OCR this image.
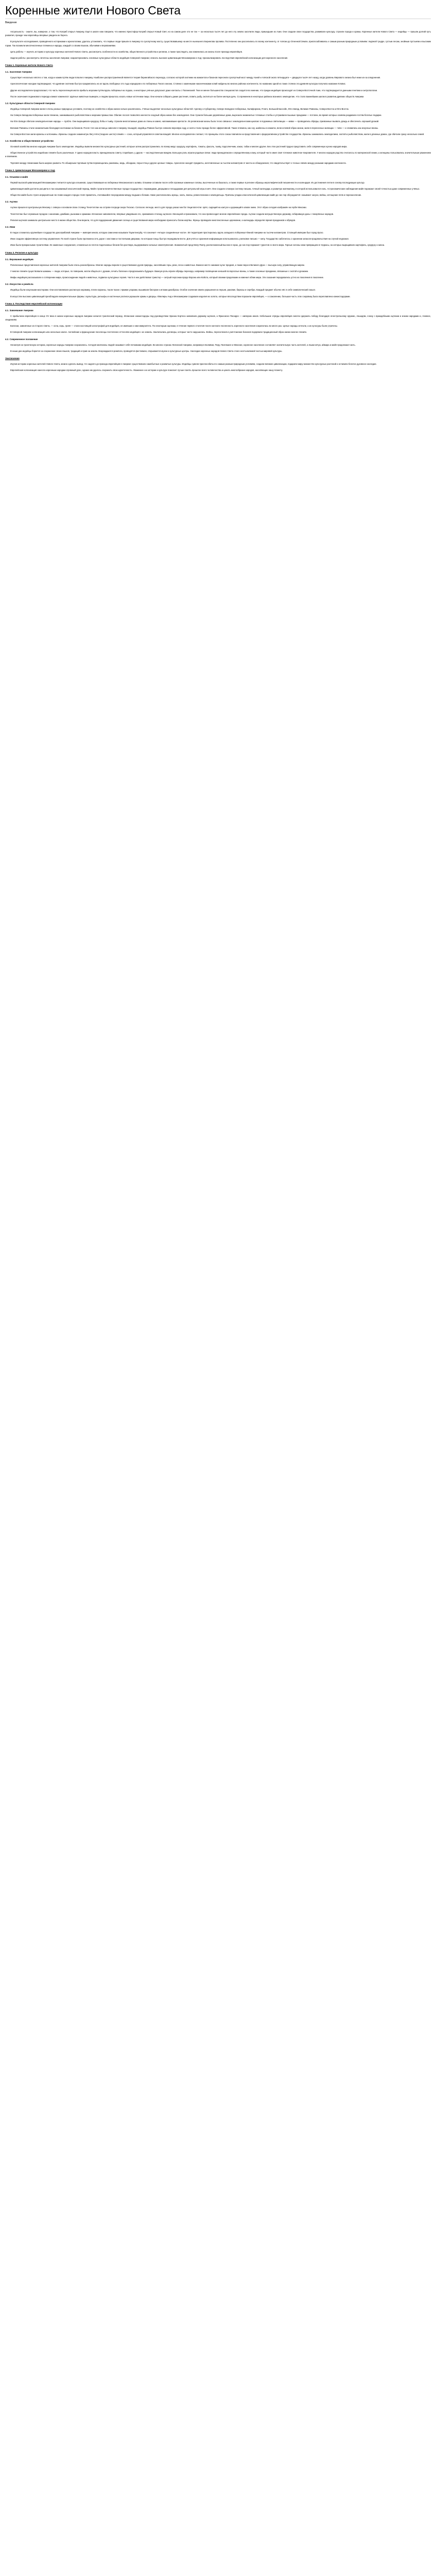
Коренные жители Нового Света
Введение

Актуальность - знаете, вы, наверное, о том, что Колумб открыл Америку. Ещё в школе нам говорили, что именно Христофор Колумб открыл Новый Свет, но на самом деле это не так — за несколько тысяч лет до него эту землю заселили люди, пришедшие из Азии. Они создали свои государства, развивали культуру, строили города и храмы. Коренные жители Нового Света — индейцы — прошли долгий путь развития, прежде чем европейцы впервые увидели их берега.

В результате исследования, проведённого историками и археологами, удалось установить, что первые люди пришли в Америку по сухопутному мосту, существовавшему на месте нынешнего Берингова пролива. Постепенно они расселились по всему континенту, от Аляски до Огненной Земли, приспосабливаясь к самым разным природным условиям: ледяной тундре, густым лесам, знойным пустыням и высоким горам. Так возникли многочисленные племена и народы, каждый со своим языком, обычаями и верованиями.

Цель работы — изучить историю и культуру коренных жителей Нового Света, рассмотреть особенности их хозяйства, общественного устройства и религии, а также проследить, как изменилась их жизнь после прихода европейцев.

Задачи работы: рассмотреть гипотезы заселения Америки; охарактеризовать основные культурные области индейцев Северной Америки; описать высокие цивилизации Мезоамерики и Анд; проанализировать последствия европейской колонизации для коренного населения.

Глава 1. Коренные жители Нового Света
1.1. Заселение Америки

Существует несколько гипотез о том, когда и каким путём люди попали в Америку. Наиболее распространённой является теория берингийского перехода, согласно которой охотники на мамонтов и бизонов пересекли сухопутный мост между Азией и Аляской около пятнадцати — двадцати тысяч лет назад, когда уровень Мирового океана был ниже из-за оледенения.

Археологические находки подтверждают, что древние охотники быстро продвигались на юг вдоль свободных ото льда коридоров и по побережью Тихого океана. Стоянки с каменными наконечниками копий найдены во многих районах континента; по названию одной из таких стоянок эта древняя культура получила название Кловис.

Другие исследователи предполагают, что часть переселенцев могла прибыть морским путём вдоль побережья на лодках, а некоторые учёные допускают даже контакты с Полинезией. Тем не менее большинство специалистов сходится во мнении, что предки индейцев происходят из Северо-Восточной Азии, что подтверждается данными генетики и антропологии.

После окончания ледникового периода климат изменился: крупные животные вымерли, и людям пришлось искать новые источники пищи. Они начали собирать дикие растения, ловить рыбу, охотиться на более мелкую дичь. Со временем в некоторых районах возникло земледелие, что стало важнейшим шагом в развитии древних обществ Америки.

1.2. Культурные области Северной Америки

Индейцы Северной Америки жили в очень разных природных условиях, поэтому их хозяйство и образ жизни сильно различались. Учёные выделяют несколько культурных областей: Арктику и Субарктику, Северо-Западное побережье, Калифорнию, Плато, Большой Бассейн, Юго-Запад, Великие Равнины, Северо-Восток и Юго-Восток.

На Северо-Западном побережье жили племена, занимавшиеся рыболовством и морским промыслом. Обилие лосося позволяло им вести оседлый образ жизни без земледелия. Они строили большие деревянные дома, вырезали знаменитые тотемные столбы и устраивали пышные праздники — потлачи, во время которых хозяева раздавали гостям богатые подарки.

На Юго-Западе обитали земледельческие народы — пуэбло. Они выращивали кукурузу, бобы и тыкву, строили многоэтажные дома из глины и камня, напоминавшие крепости. Их религиозная жизнь была тесно связана с земледельческим циклом: в подземных святилищах — кивах — проводились обряды, призванные вызвать дождь и обеспечить хороший урожай.

Великие Равнины стали знаменитыми благодаря охотникам на бизонов. После того как испанцы завезли в Америку лошадей, индейцы Равнин быстро освоили верховую езду, и охота стала гораздо более эффективной. Такие племена, как сиу, шайенны и команчи, вели кочевой образ жизни, жили в переносных жилищах — типи — и славились как искусные воины.

На Северо-Востоке жили ирокезы и алгонкины. Ирокезы создали знаменитую Лигу пяти (позднее шести) племён — союз, который управлялся советом вождей. Многие исследователи считают, что принципы этого союза повлияли на представления о федеративном устройстве государства. Ирокезы занимались земледелием, охотой и рыболовством, жили в длинных домах, где обитали сразу несколько семей.

1.3. Хозяйство и общественное устройство

Основой хозяйства многих народов Америки было земледелие. Индейцы вывели множество культурных растений, которые затем распространились по всему миру: кукурузу, картофель, томаты, фасоль, тыкву, подсолнечник, какао, табак и многие другие. Без этих растений трудно представить себе современную кухню народов мира.

Общественное устройство индейских племён было различным. У одних народов власть принадлежала совету старейшин, у других — наследственным вождям. Большую роль играли родовые связи: люди принадлежали к определённому клану, который часто имел своё тотемное животное-покровителя. У многих народов родство считалось по материнской линии, а женщины пользовались значительным уважением и влиянием.

Торговля между племенами была широко развита. По обширным торговым путям перемещались раковины, медь, обсидиан, перья птиц и другие ценные товары. Археологи находят предметы, изготовленные за тысячи километров от места их обнаружения, что свидетельствует о тесных связях между разными народами континента.

Глава 2. Цивилизации Мезоамерики и Анд
2.1. Ольмеки и майя

Первой высокой цивилизацией Мезоамерики считается культура ольмеков, существовавшая на побережье Мексиканского залива. Ольмеки оставили после себя огромные каменные головы, высеченные из базальта, а также первые в регионе образцы иероглифической письменности и календаря. Их достижения легли в основу последующих культур.

Цивилизация майя достигла расцвета в так называемый классический период. Майя строили величественные города-государства с пирамидами, дворцами и площадками для ритуальной игры в мяч. Они создали сложную систему письма, точный календарь и развитую математику, в которой использовался ноль. Астрономические наблюдения майя поражают своей точностью даже современных учёных.

Общество майя было строго иерархичным: во главе каждого города стоял правитель, считавшийся посредником между людьми и богами. Ниже располагались жрецы, знать, воины, ремесленники и земледельцы. Причины упадка классической цивилизации майя до сих пор обсуждаются: называют засухи, войны, истощение почв и перенаселение.

2.2. Ацтеки

Ацтеки пришли в Центральную Мексику с севера и основали свою столицу Теночтитлан на острове посреди озера Тескоко. Согласно легенде, место для города указал им бог Уицилопочтли: орёл, сидящий на кактусе и держащий в клюве змею. Этот образ сегодня изображён на гербе Мексики.

Теночтитлан был огромным городом с каналами, дамбами, рынками и храмами. Испанские завоеватели, впервые увидевшие его, сравнивали столицу ацтеков с Венецией и признавали, что она превосходит многие европейские города. Ацтеки создали могущественную державу, собиравшую дань с покорённых народов.

Религия ацтеков занимала центральное место в жизни общества. Они верили, что для поддержания движения солнца и существования мира необходимо приносить богам жертвы. Жрецы проводили многочисленные церемонии, а календарь определял время праздников и обрядов.

2.3. Инки

В Андах сложилось крупнейшее государство доколумбовой Америки — империя инков, которую сами инки называли Тауантинсуйу, что означает «четыре соединённые части». Её территория простиралась вдоль западного побережья Южной Америки на тысячи километров. Столицей империи был город Куско.

Инки создали эффективную систему управления. По всей стране была проложена сеть дорог с мостами и постоялыми дворами, по которым гонцы быстро передавали вести. Для учёта и хранения информации использовалось узелковое письмо — кипу. Государство заботилось о хранении запасов продовольствия на случай неурожая.

Инки были прекрасными строителями. Их каменные сооружения, сложенные из плотно подогнанных блоков без раствора, выдерживали сильные землетрясения. Знаменитый город Мачу-Пикчу, расположенный высоко в горах, до сих пор поражает туристов со всего мира. Горные склоны инки превращали в террасы, на которых выращивали картофель, кукурузу и киноа.

Глава 3. Религия и культура
3.1. Верования индейцев

Религиозные представления коренных жителей Америки были очень разнообразны. Многие народы верили в существование духов природы, населявших горы, реки, леса и животных. Важное место занимал культ предков, а также вера в Великого Духа — высшую силу, управляющую миром.

У многих племён существовали шаманы — люди, которые, по поверьям, могли общаться с духами, лечить болезни и предсказывать будущее. Важную роль играли обряды перехода, например посвящение юношей во взрослые воины, а также сезонные праздники, связанные с охотой и урожаем.

Мифы индейцев рассказывали о сотворении мира, происхождении людей и животных, подвигах культурных героев. Часто в них действовал трикстер — хитрый персонаж вроде Ворона или Койота, который своими проделками и изменил облик мира. Эти сказания передавались устно из поколения в поколение.

3.2. Искусство и ремёсла

Индейцы были искусными мастерами. Они изготавливали расписную керамику, плели корзины, ткали ткани с яркими узорами, вышивали бисером и иглами дикобраза. Особое значение имели украшения из перьев, раковин, бирюзы и серебра. Каждый предмет обычно нёс в себе символический смысл.

В искусстве высоких цивилизаций преобладали монументальные формы: скульптура, рельефы и настенные росписи украшали храмы и дворцы. Ювелиры Анд и Мезоамерики создавали изделия из золота, которые впоследствии поразили европейцев, — к сожалению, большая часть этих сокровищ была переплавлена конкистадорами.

Глава 4. Последствия европейской колонизации
4.1. Завоевание Америки

С прибытием европейцев в конце XV века в жизни коренных народов Америки начался трагический период. Испанские конкистадоры под руководством Эрнана Кортеса завоевали державу ацтеков, а Франсиско Писарро — империю инков. Небольшие отряды европейцев смогли одержать победу благодаря огнестрельному оружию, лошадям, союзу с враждебными ацтекам и инкам народами и, главное, эпидемиям.

Болезни, завезённые из Старого Света, — оспа, корь, грипп — стали настоящей катастрофой для индейцев, не имевших к ним иммунитета. По некоторым оценкам, в течение первого столетия после контакта численность коренного населения сократилась во много раз. Целые народы исчезли, а их культуры были утрачены.

В Северной Америке колонизация шла несколько иначе. Английские и французские поселенцы постепенно оттесняли индейцев с их земель. Заключались договоры, которые часто нарушались. Войны, переселения и уничтожение бизонов подорвали традиционный образ жизни многих племён.

4.2. Современное положение

Несмотря на трагическую историю, коренные народы Америки сохранились. Сегодня миллионы людей называют себя потомками индейцев. Во многих странах Латинской Америки, например в Боливии, Перу, Гватемале и Мексике, коренное население составляет значительную часть жителей, а языки кечуа, аймара и майя продолжают жить.

В наши дни индейцы борются за сохранение своих языков, традиций и прав на землю. Возрождаются ремёсла, проводятся фестивали, открываются музеи и культурные центры. Наследие коренных народов Нового Света стало неотъемлемой частью мировой культуры.

Заключение

Изучив историю коренных жителей Нового Света, можно сделать вывод, что задолго до прихода европейцев в Америке существовали самобытные и развитые культуры. Индейцы сумели приспособиться к самым разным природным условиям, создали великие цивилизации, подарили миру множество культурных растений и оставили богатое духовное наследие.

Европейская колонизация нанесла коренным народам огромный урон, однако им удалось сохранить свою идентичность. Уважение к их истории и культуре помогает лучше понять прошлое всего человечества и ценить многообразие народов, населяющих нашу планету.
